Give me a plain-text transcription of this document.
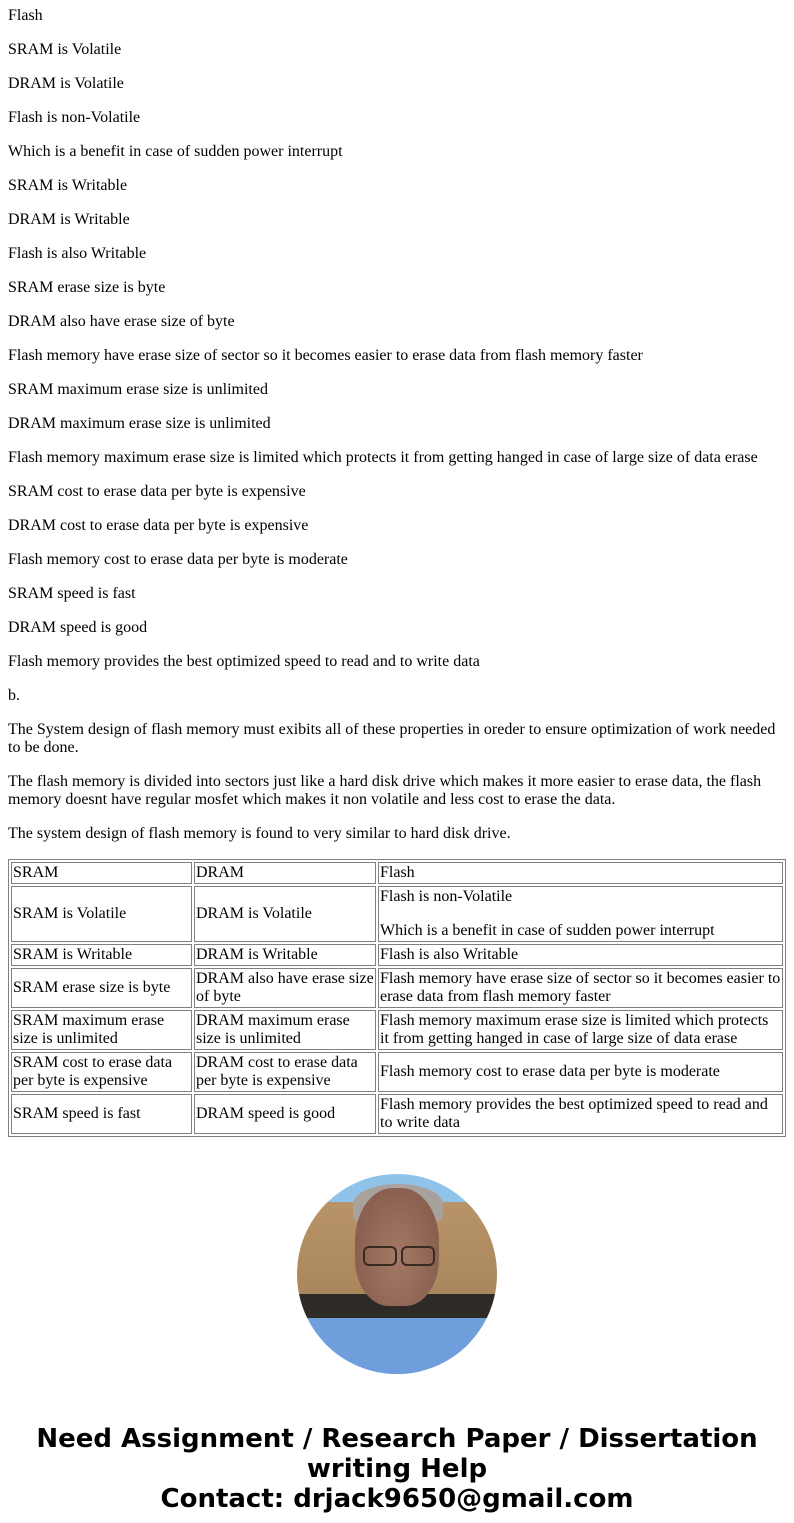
Flash

SRAM is Volatile

DRAM is Volatile

Flash is non-Volatile

Which is a benefit in case of sudden power interrupt

SRAM is Writable

DRAM is Writable

Flash is also Writable

SRAM erase size is byte

DRAM also have erase size of byte

Flash memory have erase size of sector so it becomes easier to erase data from flash memory faster

SRAM maximum erase size is unlimited

DRAM maximum erase size is unlimited

Flash memory maximum erase size is limited which protects it from getting hanged in case of large size of data erase

SRAM cost to erase data per byte is expensive

DRAM cost to erase data per byte is expensive

Flash memory cost to erase data per byte is moderate

SRAM speed is fast

DRAM speed is good

Flash memory provides the best optimized speed to read and to write data

b.

The System design of flash memory must exibits all of these properties in oreder to ensure optimization of work needed to be done.

The flash memory is divided into sectors just like a hard disk drive which makes it more easier to erase data, the flash memory doesnt have regular mosfet which makes it non volatile and less cost to erase the data.

The system design of flash memory is found to very similar to hard disk drive.

SRAM	DRAM	Flash

SRAM is Volatile	DRAM is Volatile	Flash is non-Volatile

Which is a benefit in case of sudden power interrupt

SRAM is Writable	DRAM is Writable	Flash is also Writable

SRAM erase size is byte	DRAM also have erase size of byte	Flash memory have erase size of sector so it becomes easier to erase data from flash memory faster

SRAM maximum erase size is unlimited	DRAM maximum erase size is unlimited	Flash memory maximum erase size is limited which protects it from getting hanged in case of large size of data erase

SRAM cost to erase data per byte is expensive	DRAM cost to erase data per byte is expensive	Flash memory cost to erase data per byte is moderate

SRAM speed is fast	DRAM speed is good	Flash memory provides the best optimized speed to read and to write data

Need Assignment / Research Paper / Dissertation writing Help
Contact: drjack9650@gmail.com
